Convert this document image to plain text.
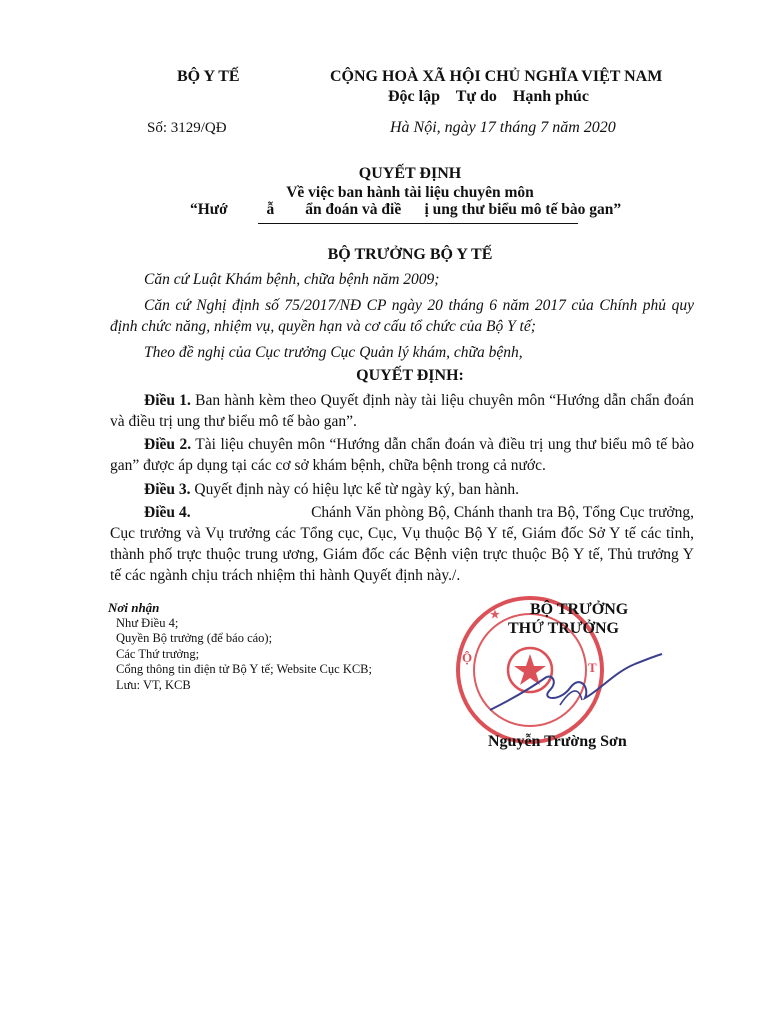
BỘ Y TẾ	CỘNG HOÀ XÃ HỘI CHỦ NGHĨA VIỆT NAM
Độc lập    Tự do    Hạnh phúc
Số: 3129/QĐ	Hà Nội, ngày 17 tháng 7 năm 2020
QUYẾT ĐỊNH
Về việc ban hành tài liệu chuyên môn
“Hướ          ẫ        ẩn đoán và điề      ị ung thư biểu mô tế bào gan”
BỘ TRƯỞNG BỘ Y TẾ
Căn cứ Luật Khám bệnh, chữa bệnh năm 2009;
Căn cứ Nghị định số 75/2017/NĐ CP ngày 20 tháng 6 năm 2017 của Chính phủ quy định chức năng, nhiệm vụ, quyền hạn và cơ cấu tổ chức của Bộ Y tế;
Theo đề nghị của Cục trưởng Cục Quản lý khám, chữa bệnh,
QUYẾT ĐỊNH:
Điều 1. Ban hành kèm theo Quyết định này tài liệu chuyên môn “Hướng dẫn chẩn đoán và điều trị ung thư biểu mô tế bào gan”.
Điều 2. Tài liệu chuyên môn “Hướng dẫn chẩn đoán và điều trị ung thư biểu mô tế bào gan” được áp dụng tại các cơ sở khám bệnh, chữa bệnh trong cả nước.
Điều 3. Quyết định này có hiệu lực kể từ ngày ký, ban hành.
Điều 4.                              Chánh Văn phòng Bộ, Chánh thanh tra Bộ, Tổng Cục trưởng, Cục trưởng và Vụ trưởng các Tổng cục, Cục, Vụ thuộc Bộ Y tế, Giám đốc Sở Y tế các tỉnh, thành phố trực thuộc trung ương, Giám đốc các Bệnh viện trực thuộc Bộ Y tế, Thủ trưởng Y tế các ngành chịu trách nhiệm thi hành Quyết định này./.
Nơi nhận
Như Điều 4;
Quyền Bộ trưởng (để báo cáo);
Các Thứ trưởng;
Cổng thông tin điện tử Bộ Y tế; Website Cục KCB;
Lưu: VT, KCB
Ộ
T
★ BỘ TRƯỞNG
THỨ TRƯỞNG
Nguyễn Trường Sơn
